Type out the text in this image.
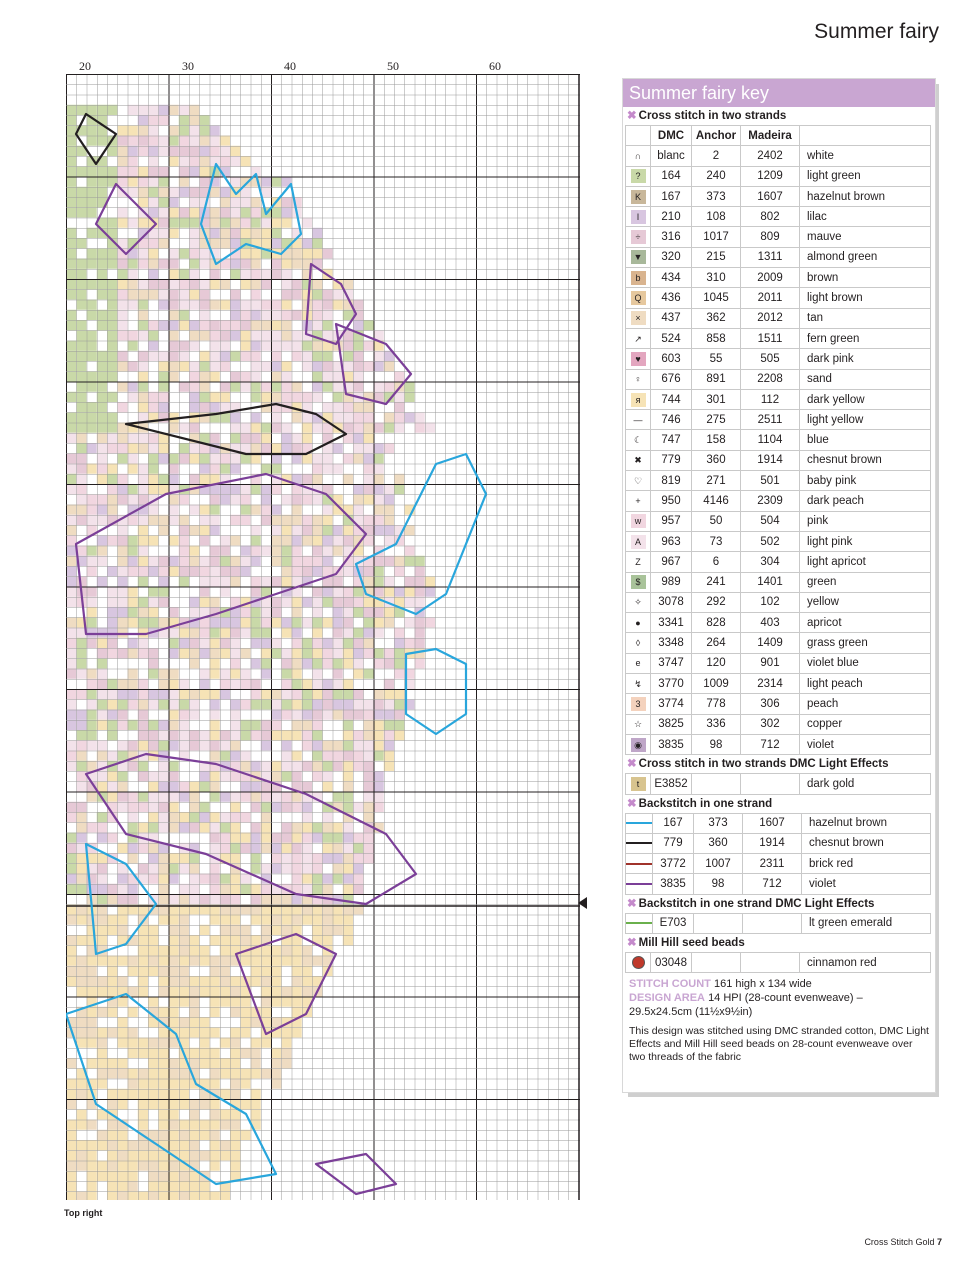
Summer fairy
20	30	40	50	60
Top right
Summer fairy key
✖ Cross stitch in two strands
	DMC	Anchor	Madeira	
∩	blanc	2	2402	white
?	164	240	1209	light green
K	167	373	1607	hazelnut brown
I	210	108	802	lilac
÷	316	1017	809	mauve
▼	320	215	1311	almond green
b	434	310	2009	brown
Q	436	1045	2011	light brown
×	437	362	2012	tan
↗	524	858	1511	fern green
♥	603	55	505	dark pink
♀	676	891	2208	sand
я	744	301	112	dark yellow
—	746	275	2511	light yellow
☾	747	158	1104	blue
✖	779	360	1914	chesnut brown
♡	819	271	501	baby pink
+	950	4146	2309	dark peach
w	957	50	504	pink
A	963	73	502	light pink
Z	967	6	304	light apricot
$	989	241	1401	green
✧	3078	292	102	yellow
●	3341	828	403	apricot
◊	3348	264	1409	grass green
e	3747	120	901	violet blue
↯	3770	1009	2314	light peach
3	3774	778	306	peach
☆	3825	336	302	copper
◉	3835	98	712	violet
✖ Cross stitch in two strands DMC Light Effects
t	E3852			dark gold
✖ Backstitch in one strand
	167	373	1607	hazelnut brown
	779	360	1914	chesnut brown
	3772	1007	2311	brick red
	3835	98	712	violet
✖ Backstitch in one strand DMC Light Effects
	E703			lt green emerald
✖ Mill Hill seed beads
	03048			cinnamon red
STITCH COUNT 161 high x 134 wide
DESIGN AREA 14 HPI (28-count evenweave) –
29.5x24.5cm (11½x9½in)
This design was stitched using DMC stranded cotton, DMC Light Effects and Mill Hill seed beads on 28-count evenweave over two threads of the fabric
Cross Stitch Gold 7
